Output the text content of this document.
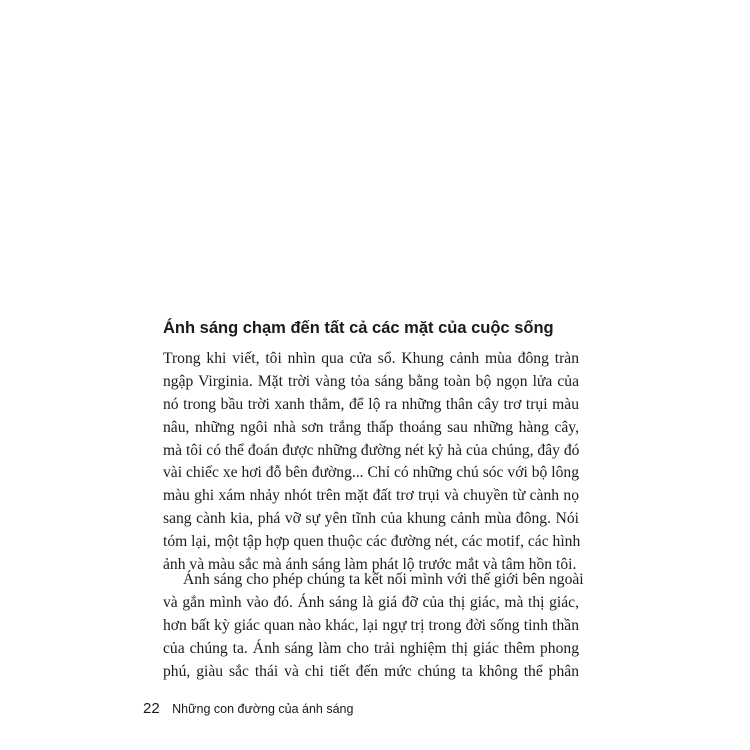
Ánh sáng chạm đến tất cả các mặt của cuộc sống
Trong khi viết, tôi nhìn qua cửa sổ. Khung cảnh mùa đông tràn
ngập Virginia. Mặt trời vàng tỏa sáng bằng toàn bộ ngọn lửa của
nó trong bầu trời xanh thẳm, để lộ ra những thân cây trơ trụi màu
nâu, những ngôi nhà sơn trắng thấp thoáng sau những hàng cây,
mà tôi có thể đoán được những đường nét kỷ hà của chúng, đây đó
vài chiếc xe hơi đỗ bên đường... Chỉ có những chú sóc với bộ lông
màu ghi xám nhảy nhót trên mặt đất trơ trụi và chuyền từ cành nọ
sang cành kia, phá vỡ sự yên tĩnh của khung cảnh mùa đông. Nói
tóm lại, một tập hợp quen thuộc các đường nét, các motif, các hình
ảnh và màu sắc mà ánh sáng làm phát lộ trước mắt và tâm hồn tôi.
Ánh sáng cho phép chúng ta kết nối mình với thế giới bên ngoài
và gắn mình vào đó. Ánh sáng là giá đỡ của thị giác, mà thị giác,
hơn bất kỳ giác quan nào khác, lại ngự trị trong đời sống tinh thần
của chúng ta. Ánh sáng làm cho trải nghiệm thị giác thêm phong
phú, giàu sắc thái và chi tiết đến mức chúng ta không thể phân
22 Những con đường của ánh sáng
